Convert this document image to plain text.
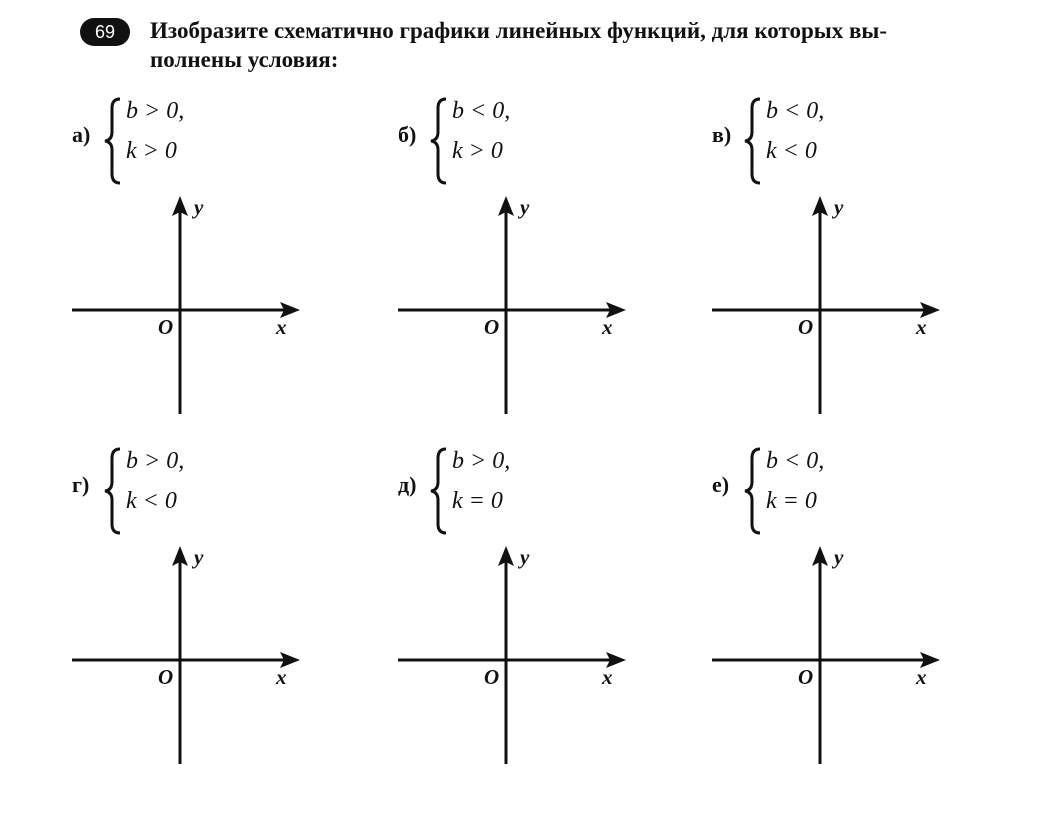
69	Изобразите схематично графики линейных функций, для которых вы-
полнены условия:
а)
b > 0,
k > 0
y
x
O
б)
b < 0,
k > 0
y
x
O
в)
b < 0,
k < 0
y
x
O
г)
b > 0,
k < 0
y
x
O
д)
b > 0,
k = 0
y
x
O
е)
b < 0,
k = 0
y
x
O
